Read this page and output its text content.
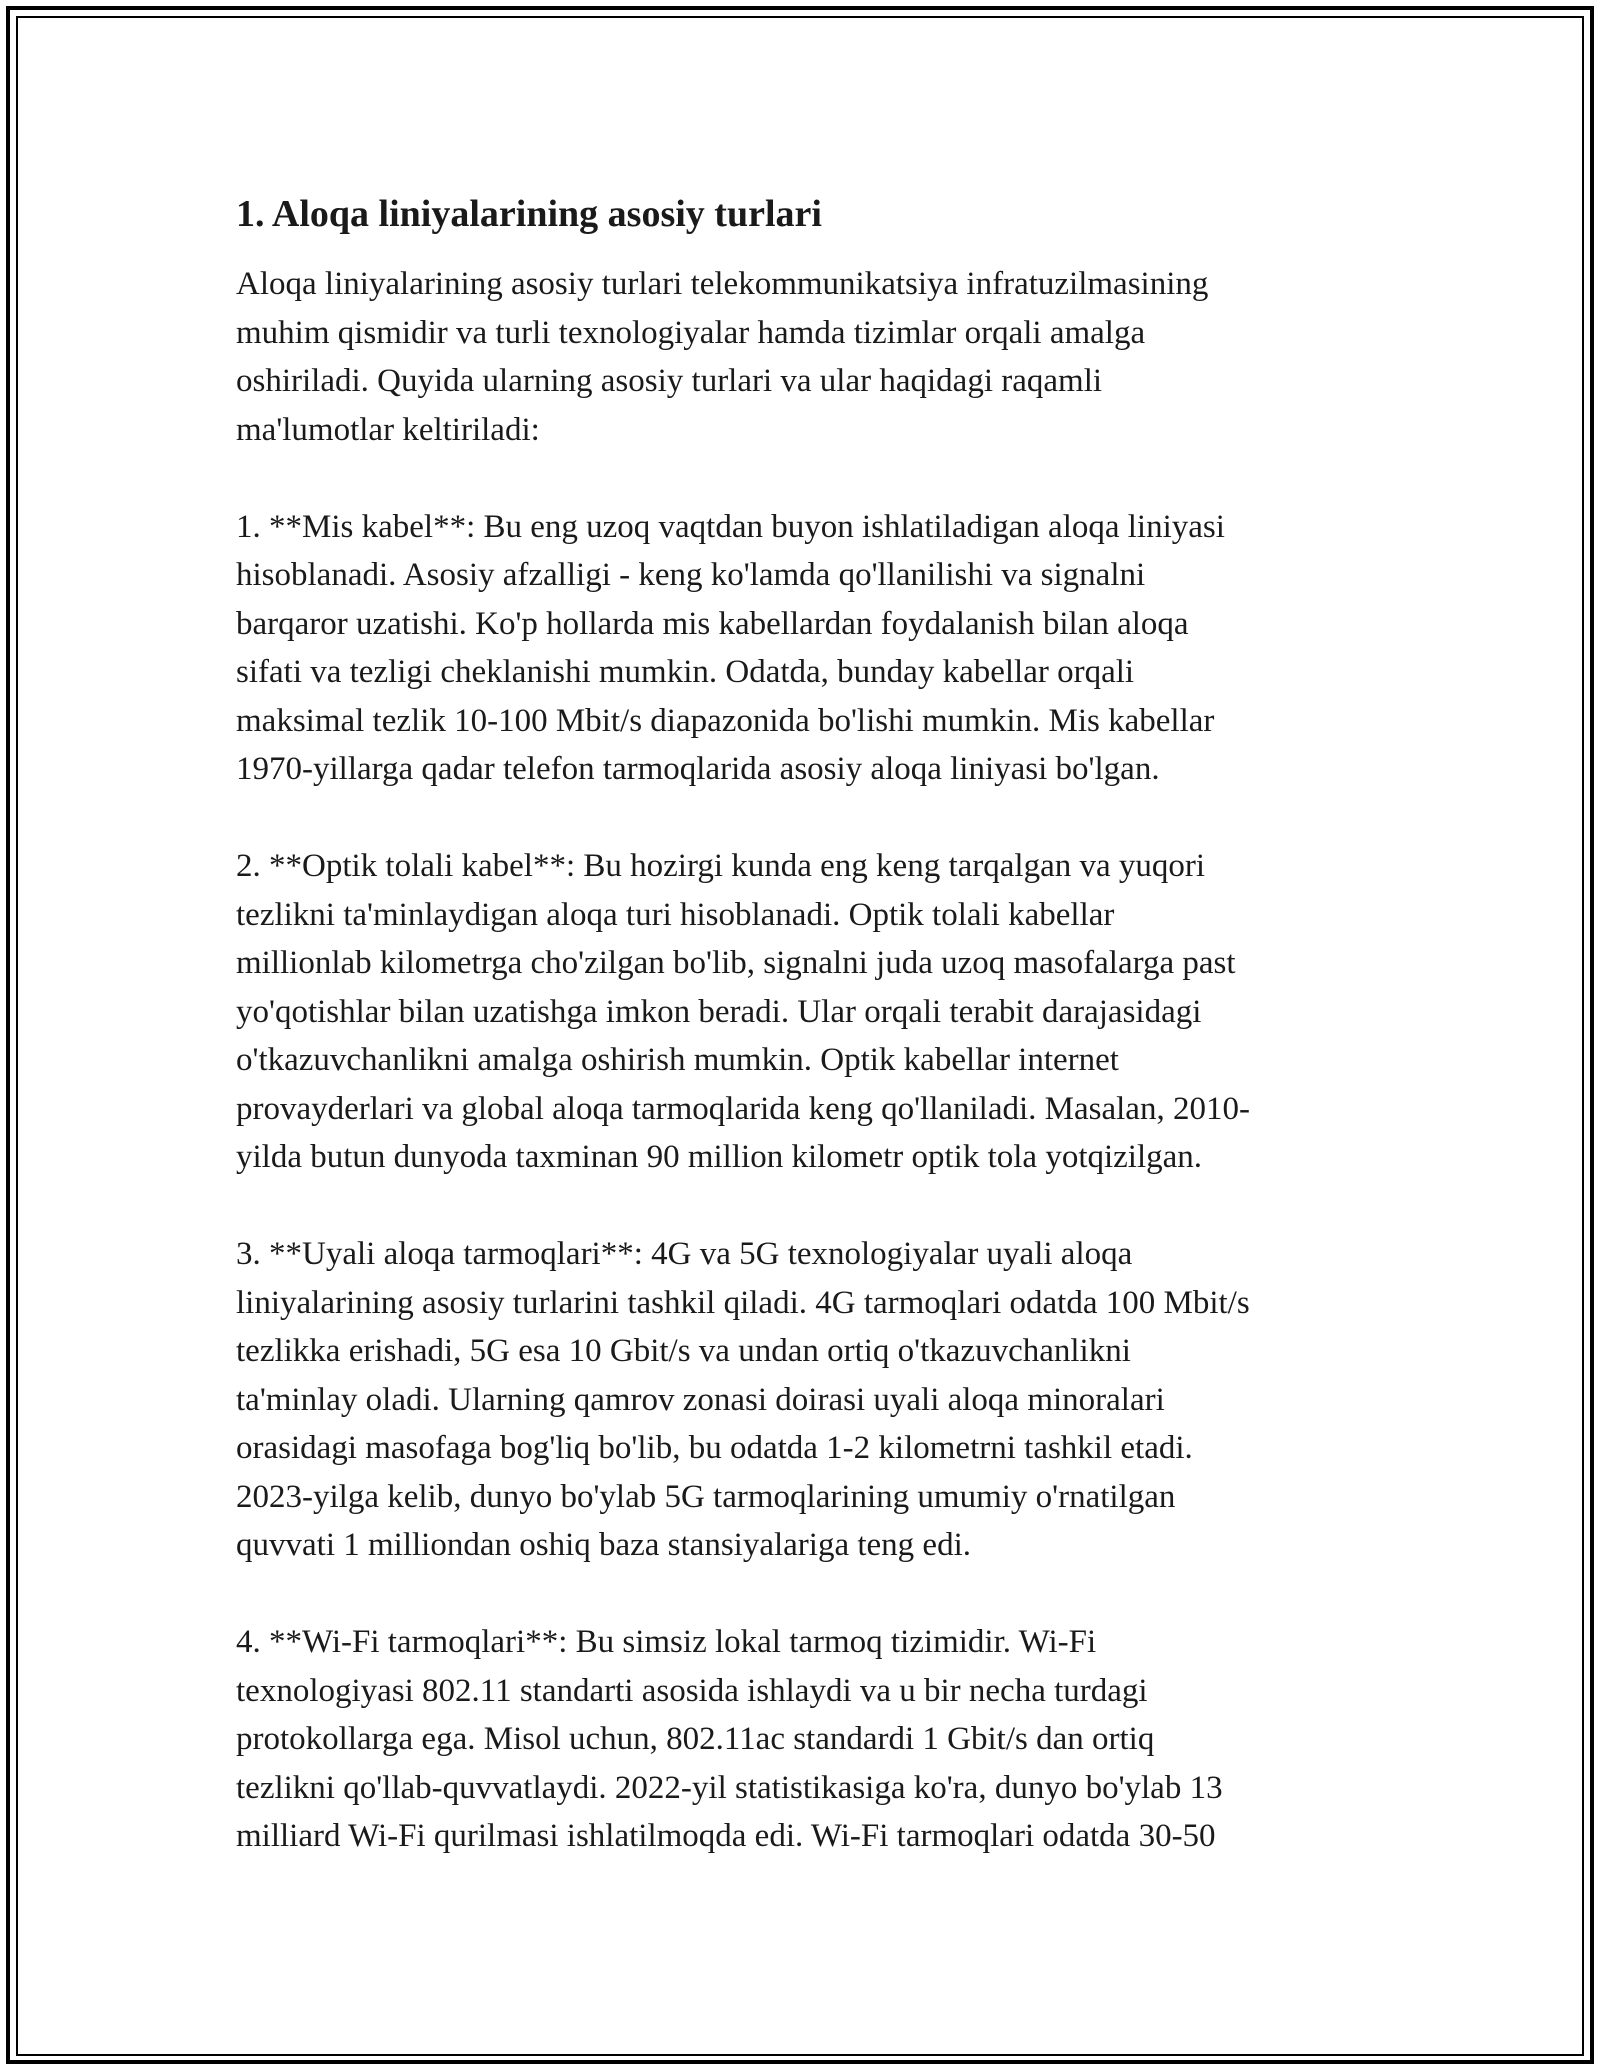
1. Aloqa liniyalarining asosiy turlari

Aloqa liniyalarining asosiy turlari telekommunikatsiya infratuzilmasining
muhim qismidir va turli texnologiyalar hamda tizimlar orqali amalga
oshiriladi. Quyida ularning asosiy turlari va ular haqidagi raqamli
ma'lumotlar keltiriladi:

1. **Mis kabel**: Bu eng uzoq vaqtdan buyon ishlatiladigan aloqa liniyasi
hisoblanadi. Asosiy afzalligi - keng ko'lamda qo'llanilishi va signalni
barqaror uzatishi. Ko'p hollarda mis kabellardan foydalanish bilan aloqa
sifati va tezligi cheklanishi mumkin. Odatda, bunday kabellar orqali
maksimal tezlik 10-100 Mbit/s diapazonida bo'lishi mumkin. Mis kabellar
1970-yillarga qadar telefon tarmoqlarida asosiy aloqa liniyasi bo'lgan.

2. **Optik tolali kabel**: Bu hozirgi kunda eng keng tarqalgan va yuqori
tezlikni ta'minlaydigan aloqa turi hisoblanadi. Optik tolali kabellar
millionlab kilometrga cho'zilgan bo'lib, signalni juda uzoq masofalarga past
yo'qotishlar bilan uzatishga imkon beradi. Ular orqali terabit darajasidagi
o'tkazuvchanlikni amalga oshirish mumkin. Optik kabellar internet
provayderlari va global aloqa tarmoqlarida keng qo'llaniladi. Masalan, 2010-
yilda butun dunyoda taxminan 90 million kilometr optik tola yotqizilgan.

3. **Uyali aloqa tarmoqlari**: 4G va 5G texnologiyalar uyali aloqa
liniyalarining asosiy turlarini tashkil qiladi. 4G tarmoqlari odatda 100 Mbit/s
tezlikka erishadi, 5G esa 10 Gbit/s va undan ortiq o'tkazuvchanlikni
ta'minlay oladi. Ularning qamrov zonasi doirasi uyali aloqa minoralari
orasidagi masofaga bog'liq bo'lib, bu odatda 1-2 kilometrni tashkil etadi.
2023-yilga kelib, dunyo bo'ylab 5G tarmoqlarining umumiy o'rnatilgan
quvvati 1 milliondan oshiq baza stansiyalariga teng edi.

4. **Wi-Fi tarmoqlari**: Bu simsiz lokal tarmoq tizimidir. Wi-Fi
texnologiyasi 802.11 standarti asosida ishlaydi va u bir necha turdagi
protokollarga ega. Misol uchun, 802.11ac standardi 1 Gbit/s dan ortiq
tezlikni qo'llab-quvvatlaydi. 2022-yil statistikasiga ko'ra, dunyo bo'ylab 13
milliard Wi-Fi qurilmasi ishlatilmoqda edi. Wi-Fi tarmoqlari odatda 30-50
